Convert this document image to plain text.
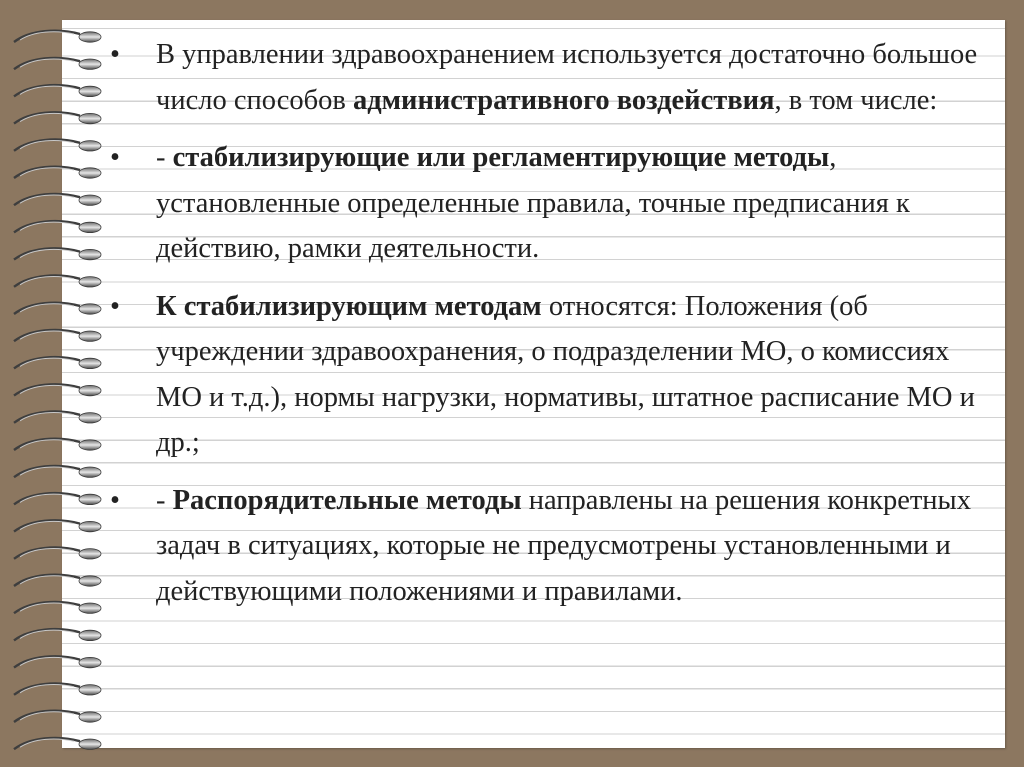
•	В управлении здравоохранением используется достаточно большое число способов административного воздействия, в том числе:
•	- стабилизирующие или регламентирующие методы, установленные определенные правила, точные предписания к действию, рамки деятельности.
•	К стабилизирующим методам относятся: Положения (об учреждении здравоохранения, о подразделении МО, о комиссиях МО и т.д.), нормы нагрузки, нормативы, штатное расписание МО и др.;
•	- Распорядительные методы направлены на решения конкретных задач в ситуациях, которые не предусмотрены установленными и действующими положениями и правилами.
